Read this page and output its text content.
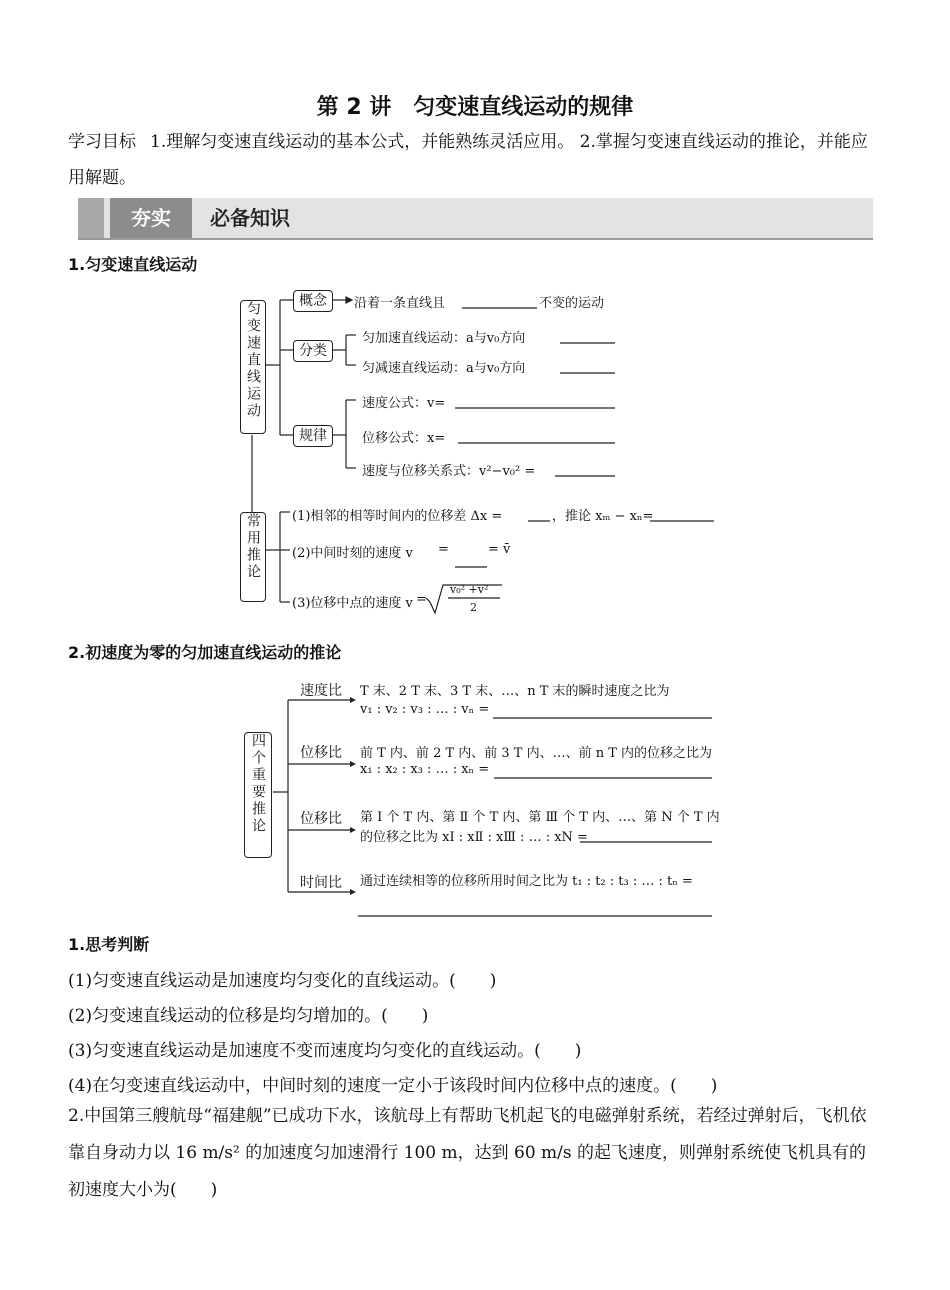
第 2 讲　匀变速直线运动的规律
学习目标 1.理解匀变速直线运动的基本公式，并能熟练灵活应用。 2.掌握匀变速直线运动的推论，并能应用解题。
夯实	必备知识
1.匀变速直线运动
匀变速直线运动	概念	沿着一条直线且	不变的运动
分类
匀加速直线运动：a与v₀方向
匀减速直线运动：a与v₀方向
规律
速度公式：v=
位移公式：x=
速度与位移关系式：v²−v₀² =
常用推论	(1)相邻的相等时间内的位移差 Δx =	，推论 xₘ − xₙ=
(2)中间时刻的速度 v =	= v̄
(3)位移中点的速度 v =
v₀² +v²
2
2.初速度为零的匀加速直线运动的推论
四个重要推论
速度比 T 末、2 T 末、3 T 末、…、n T 末的瞬时速度之比为
v₁ : v₂ : v₃ : … : vₙ =
位移比 前 T 内、前 2 T 内、前 3 T 内、…、前 n T 内的位移之比为
x₁ : x₂ : x₃ : … : xₙ =
位移比 第 Ⅰ 个 T 内、第 Ⅱ 个 T 内、第 Ⅲ 个 T 内、…、第 N 个 T 内
的位移之比为 xⅠ : xⅡ : xⅢ : … : xN =
时间比 通过连续相等的位移所用时间之比为 t₁ : t₂ : t₃ : … : tₙ =
1.思考判断
(1)匀变速直线运动是加速度均匀变化的直线运动。(　　)
(2)匀变速直线运动的位移是均匀增加的。(　　)
(3)匀变速直线运动是加速度不变而速度均匀变化的直线运动。(　　)
(4)在匀变速直线运动中，中间时刻的速度一定小于该段时间内位移中点的速度。(　　)
2.中国第三艘航母“福建舰”已成功下水，该航母上有帮助飞机起飞的电磁弹射系统，若经过弹射后，飞机依靠自身动力以 16 m/s² 的加速度匀加速滑行 100 m，达到 60 m/s 的起飞速度，则弹射系统使飞机具有的初速度大小为(　　)
